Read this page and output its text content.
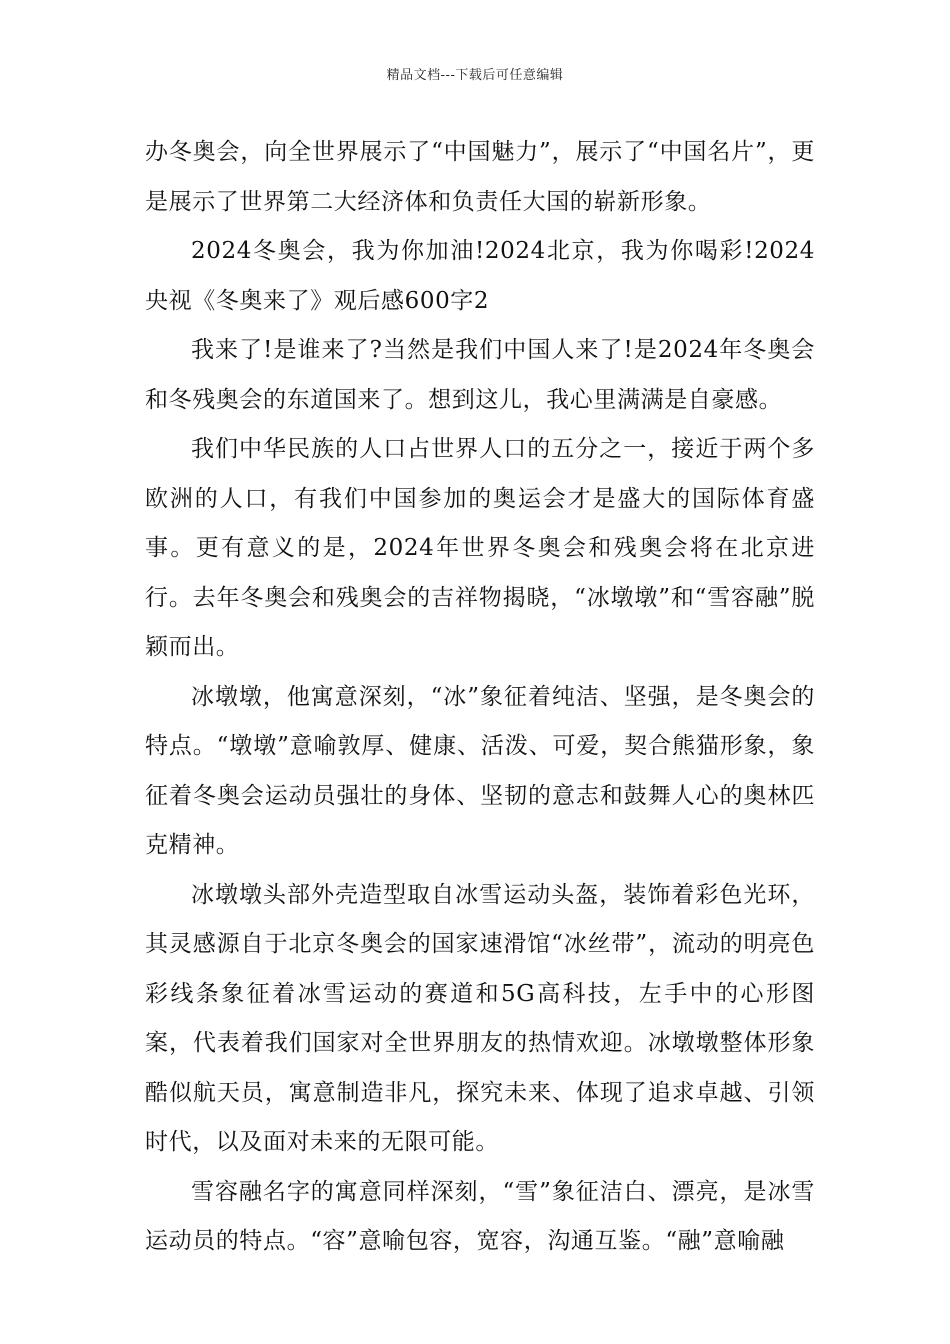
精品文档---下载后可任意编辑

办冬奥会，向全世界展示了“中国魅力”，展示了“中国名片”，更是展示了世界第二大经济体和负责任大国的崭新形象。

2024冬奥会，我为你加油!2024北京，我为你喝彩!2024央视《冬奥来了》观后感600字2

我来了!是谁来了?当然是我们中国人来了!是2024年冬奥会和冬残奥会的东道国来了。想到这儿，我心里满满是自豪感。

我们中华民族的人口占世界人口的五分之一，接近于两个多欧洲的人口，有我们中国参加的奥运会才是盛大的国际体育盛事。更有意义的是，2024年世界冬奥会和残奥会将在北京进行。去年冬奥会和残奥会的吉祥物揭晓，“冰墩墩”和“雪容融”脱颖而出。

冰墩墩，他寓意深刻，“冰”象征着纯洁、坚强，是冬奥会的特点。“墩墩”意喻敦厚、健康、活泼、可爱，契合熊猫形象，象征着冬奥会运动员强壮的身体、坚韧的意志和鼓舞人心的奥林匹克精神。

冰墩墩头部外壳造型取自冰雪运动头盔，装饰着彩色光环，其灵感源自于北京冬奥会的国家速滑馆“冰丝带”，流动的明亮色彩线条象征着冰雪运动的赛道和5G高科技，左手中的心形图案，代表着我们国家对全世界朋友的热情欢迎。冰墩墩整体形象酷似航天员，寓意制造非凡，探究未来、体现了追求卓越、引领时代，以及面对未来的无限可能。

雪容融名字的寓意同样深刻，“雪”象征洁白、漂亮，是冰雪运动员的特点。“容”意喻包容，宽容，沟通互鉴。“融”意喻融
